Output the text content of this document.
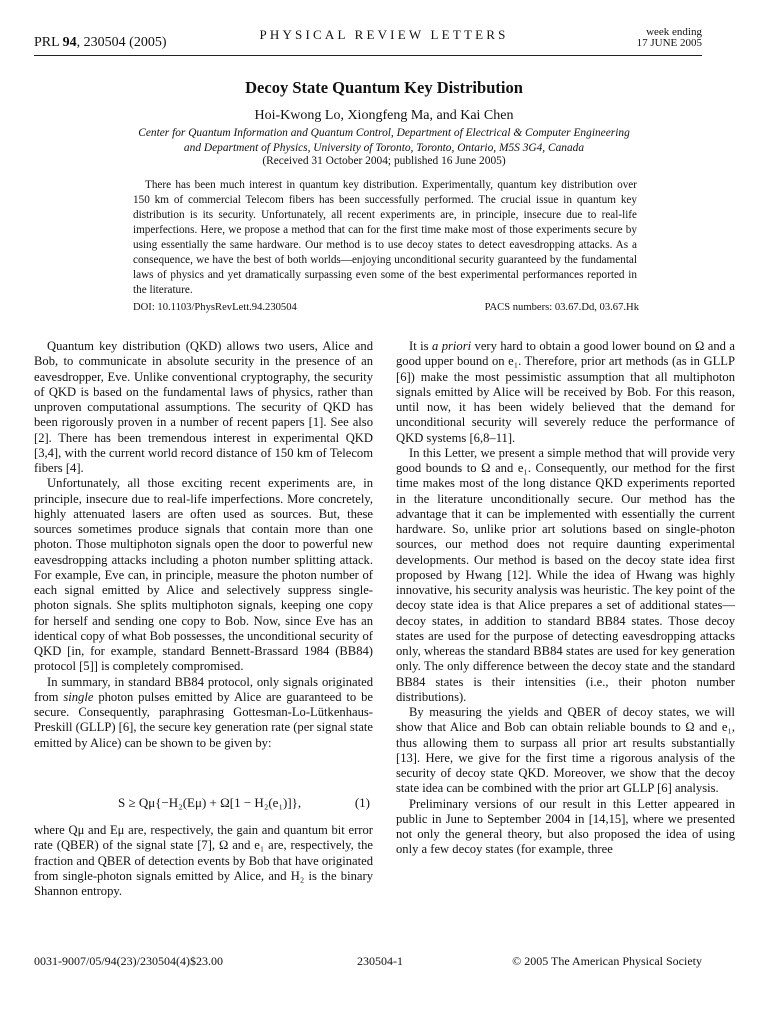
PRL 94, 230504 (2005)
PHYSICAL REVIEW LETTERS	week ending
17 JUNE 2005
Decoy State Quantum Key Distribution
Hoi-Kwong Lo, Xiongfeng Ma, and Kai Chen
Center for Quantum Information and Quantum Control, Department of Electrical & Computer Engineering
and Department of Physics, University of Toronto, Toronto, Ontario, M5S 3G4, Canada
(Received 31 October 2004; published 16 June 2005)
There has been much interest in quantum key distribution. Experimentally, quantum key distribution over 150 km of commercial Telecom fibers has been successfully performed. The crucial issue in quantum key distribution is its security. Unfortunately, all recent experiments are, in principle, insecure due to real-life imperfections. Here, we propose a method that can for the first time make most of those experiments secure by using essentially the same hardware. Our method is to use decoy states to detect eavesdropping attacks. As a consequence, we have the best of both worlds—enjoying unconditional security guaranteed by the fundamental laws of physics and yet dramatically surpassing even some of the best experimental performances reported in the literature.
DOI: 10.1103/PhysRevLett.94.230504	PACS numbers: 03.67.Dd, 03.67.Hk

Quantum key distribution (QKD) allows two users, Alice and Bob, to communicate in absolute security in the presence of an eavesdropper, Eve. Unlike conventional cryptography, the security of QKD is based on the fundamental laws of physics, rather than unproven computational assumptions. The security of QKD has been rigorously proven in a number of recent papers [1]. See also [2]. There has been tremendous interest in experimental QKD [3,4], with the current world record distance of 150 km of Telecom fibers [4].

Unfortunately, all those exciting recent experiments are, in principle, insecure due to real-life imperfections. More concretely, highly attenuated lasers are often used as sources. But, these sources sometimes produce signals that contain more than one photon. Those multiphoton signals open the door to powerful new eavesdropping attacks including a photon number splitting attack. For example, Eve can, in principle, measure the photon number of each signal emitted by Alice and selectively suppress single-photon signals. She splits multiphoton signals, keeping one copy for herself and sending one copy to Bob. Now, since Eve has an identical copy of what Bob possesses, the unconditional security of QKD [in, for example, standard Bennett-Brassard 1984 (BB84) protocol [5]] is completely compromised.

In summary, in standard BB84 protocol, only signals originated from single photon pulses emitted by Alice are guaranteed to be secure. Consequently, paraphrasing Gottesman-Lo-Lütkenhaus-Preskill (GLLP) [6], the secure key generation rate (per signal state emitted by Alice) can be shown to be given by:

S ≥ Qμ{−H₂(Eμ) + Ω[1 − H₂(e₁)]},	(1)

where Qμ and Eμ are, respectively, the gain and quantum bit error rate (QBER) of the signal state [7], Ω and e₁ are, respectively, the fraction and QBER of detection events by Bob that have originated from single-photon signals emitted by Alice, and H₂ is the binary Shannon entropy.

It is a priori very hard to obtain a good lower bound on Ω and a good upper bound on e₁. Therefore, prior art methods (as in GLLP [6]) make the most pessimistic assumption that all multiphoton signals emitted by Alice will be received by Bob. For this reason, until now, it has been widely believed that the demand for unconditional security will severely reduce the performance of QKD systems [6,8–11].

In this Letter, we present a simple method that will provide very good bounds to Ω and e₁. Consequently, our method for the first time makes most of the long distance QKD experiments reported in the literature unconditionally secure. Our method has the advantage that it can be implemented with essentially the current hardware. So, unlike prior art solutions based on single-photon sources, our method does not require daunting experimental developments. Our method is based on the decoy state idea first proposed by Hwang [12]. While the idea of Hwang was highly innovative, his security analysis was heuristic. The key point of the decoy state idea is that Alice prepares a set of additional states—decoy states, in addition to standard BB84 states. Those decoy states are used for the purpose of detecting eavesdropping attacks only, whereas the standard BB84 states are used for key generation only. The only difference between the decoy state and the standard BB84 states is their intensities (i.e., their photon number distributions).

By measuring the yields and QBER of decoy states, we will show that Alice and Bob can obtain reliable bounds to Ω and e₁, thus allowing them to surpass all prior art results substantially [13]. Here, we give for the first time a rigorous analysis of the security of decoy state QKD. Moreover, we show that the decoy state idea can be combined with the prior art GLLP [6] analysis.

Preliminary versions of our result in this Letter appeared in public in June to September 2004 in [14,15], where we presented not only the general theory, but also proposed the idea of using only a few decoy states (for example, three

0031-9007/05/94(23)/230504(4)$23.00	230504-1	© 2005 The American Physical Society
